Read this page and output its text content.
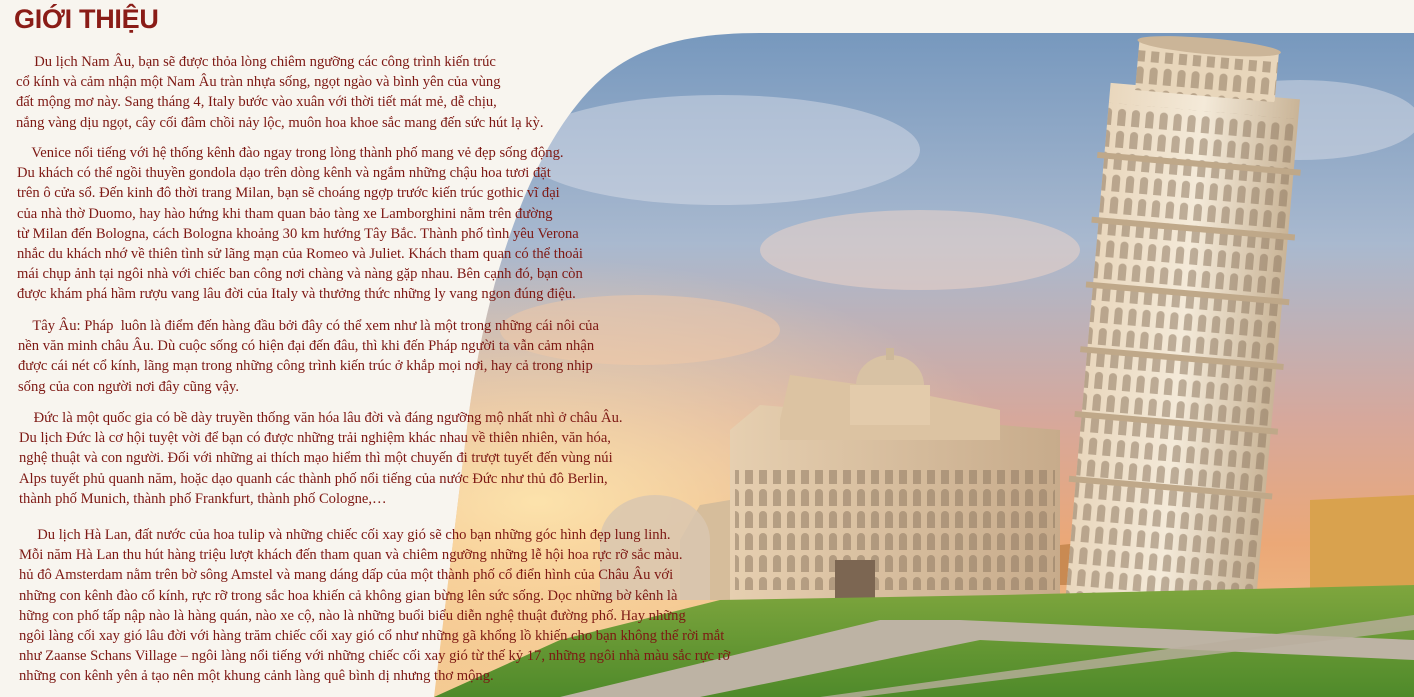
GIỚI THIỆU
Du lịch Nam Âu, bạn sẽ được thỏa lòng chiêm ngưỡng các công trình kiến trúc
cổ kính và cảm nhận một Nam Âu tràn nhựa sống, ngọt ngào và bình yên của vùng
đất mộng mơ này. Sang tháng 4, Italy bước vào xuân với thời tiết mát mẻ, dễ chịu,
nắng vàng dịu ngọt, cây cối đâm chồi nảy lộc, muôn hoa khoe sắc mang đến sức hút lạ kỳ.
Venice nổi tiếng với hệ thống kênh đào ngay trong lòng thành phố mang vẻ đẹp sống động.
Du khách có thể ngồi thuyền gondola dạo trên dòng kênh và ngắm những chậu hoa tươi đặt
trên ô cửa sổ. Đến kinh đô thời trang Milan, bạn sẽ choáng ngợp trước kiến trúc gothic vĩ đại
của nhà thờ Duomo, hay hào hứng khi tham quan bảo tàng xe Lamborghini nằm trên đường
từ Milan đến Bologna, cách Bologna khoảng 30 km hướng Tây Bắc. Thành phố tình yêu Verona
nhắc du khách nhớ về thiên tình sử lãng mạn của Romeo và Juliet. Khách tham quan có thể thoải
mái chụp ảnh tại ngôi nhà với chiếc ban công nơi chàng và nàng gặp nhau. Bên cạnh đó, bạn còn
được khám phá hầm rượu vang lâu đời của Italy và thưởng thức những ly vang ngon đúng điệu.
Tây Âu: Pháp  luôn là điểm đến hàng đầu bởi đây có thể xem như là một trong những cái nôi của
nền văn minh châu Âu. Dù cuộc sống có hiện đại đến đâu, thì khi đến Pháp người ta vẫn cảm nhận
được cái nét cổ kính, lãng mạn trong những công trình kiến trúc ở khắp mọi nơi, hay cả trong nhịp
sống của con người nơi đây cũng vậy.
Đức là một quốc gia có bề dày truyền thống văn hóa lâu đời và đáng ngưỡng mộ nhất nhì ở châu Âu.
Du lịch Đức là cơ hội tuyệt vời để bạn có được những trải nghiệm khác nhau về thiên nhiên, văn hóa,
nghệ thuật và con người. Đối với những ai thích mạo hiểm thì một chuyến đi trượt tuyết đến vùng núi
Alps tuyết phủ quanh năm, hoặc dạo quanh các thành phố nổi tiếng của nước Đức như thủ đô Berlin,
thành phố Munich, thành phố Frankfurt, thành phố Cologne,…
Du lịch Hà Lan, đất nước của hoa tulip và những chiếc cối xay gió sẽ cho bạn những góc hình đẹp lung linh.
Mỗi năm Hà Lan thu hút hàng triệu lượt khách đến tham quan và chiêm ngưỡng những lễ hội hoa rực rỡ sắc màu.
hủ đô Amsterdam nằm trên bờ sông Amstel và mang dáng dấp của một thành phố cổ điển hình của Châu Âu với
những con kênh đào cổ kính, rực rỡ trong sắc hoa khiến cả không gian bừng lên sức sống. Dọc những bờ kênh là
hững con phố tấp nập nào là hàng quán, nào xe cộ, nào là những buổi biểu diễn nghệ thuật đường phố. Hay những
ngôi làng cối xay gió lâu đời với hàng trăm chiếc cối xay gió cổ như những gã khổng lồ khiến cho bạn không thể rời mắt
như Zaanse Schans Village – ngôi làng nổi tiếng với những chiếc cối xay gió từ thế kỷ 17, những ngôi nhà màu sắc rực rỡ
những con kênh yên ả tạo nên một khung cảnh làng quê bình dị nhưng thơ mộng.
